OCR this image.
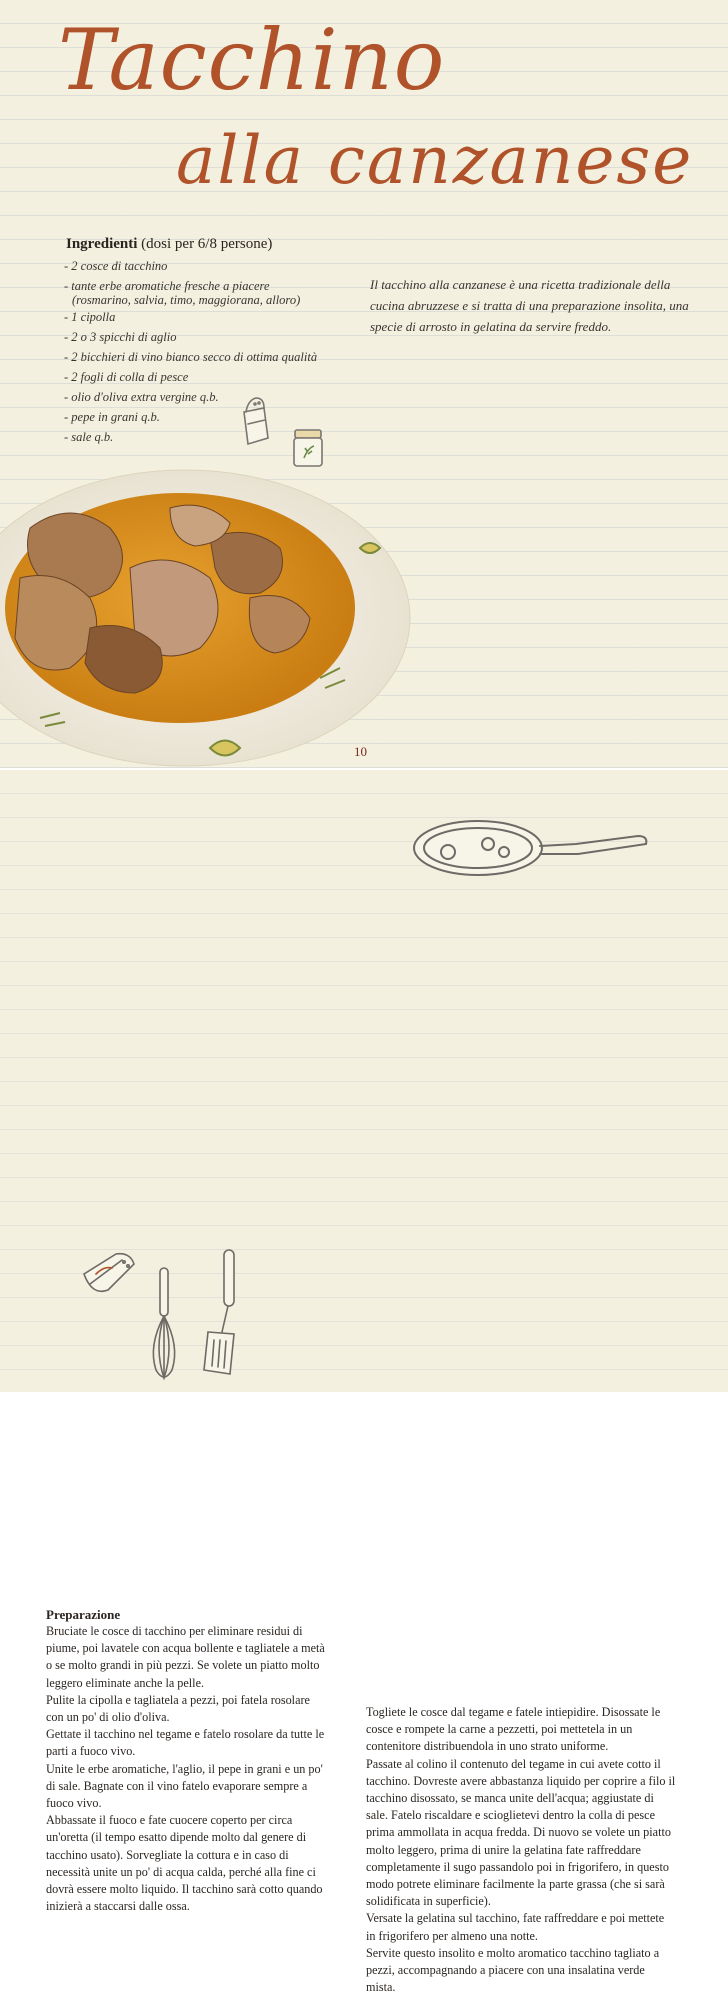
Tacchino
alla canzanese
Ingredienti (dosi per 6/8 persone)
- 2 cosce di tacchino
- tante erbe aromatiche fresche a piacere
(rosmarino, salvia, timo, maggiorana, alloro)
- 1 cipolla
- 2 o 3 spicchi di aglio
- 2 bicchieri di vino bianco secco di ottima qualità
- 2 fogli di colla di pesce
- olio d'oliva extra vergine q.b.
- pepe in grani q.b.
- sale q.b.
Il tacchino alla canzanese è una ricetta tradizionale della cucina abruzzese e si tratta di una preparazione insolita, una specie di arrosto in gelatina da servire freddo.
10
Preparazione

Bruciate le cosce di tacchino per eliminare residui di piume, poi lavatele con acqua bollente e tagliatele a metà o se molto grandi in più pezzi. Se volete un piatto molto leggero eliminate anche la pelle.

Pulite la cipolla e tagliatela a pezzi, poi fatela rosolare con un po' di olio d'oliva.

Gettate il tacchino nel tegame e fatelo rosolare da tutte le parti a fuoco vivo.

Unite le erbe aromatiche, l'aglio, il pepe in grani e un po' di sale. Bagnate con il vino fatelo evaporare sempre a fuoco vivo.

Abbassate il fuoco e fate cuocere coperto per circa un'oretta (il tempo esatto dipende molto dal genere di tacchino usato). Sorvegliate la cottura e in caso di necessità unite un po' di acqua calda, perché alla fine ci dovrà essere molto liquido. Il tacchino sarà cotto quando inizierà a staccarsi dalle ossa.

Togliete le cosce dal tegame e fatele intiepidire. Disossate le cosce e rompete la carne a pezzetti, poi mettetela in un contenitore distribuendola in uno strato uniforme.

Passate al colino il contenuto del tegame in cui avete cotto il tacchino. Dovreste avere abbastanza liquido per coprire a filo il tacchino disossato, se manca unite dell'acqua; aggiustate di sale. Fatelo riscaldare e scioglietevi dentro la colla di pesce prima ammollata in acqua fredda. Di nuovo se volete un piatto molto leggero, prima di unire la gelatina fate raffreddare completamente il sugo passandolo poi in frigorifero, in questo modo potrete eliminare facilmente la parte grassa (che si sarà solidificata in superficie).

Versate la gelatina sul tacchino, fate raffreddare e poi mettete in frigorifero per almeno una notte.

Servite questo insolito e molto aromatico tacchino tagliato a pezzi, accompagnando a piacere con una insalatina verde mista.
